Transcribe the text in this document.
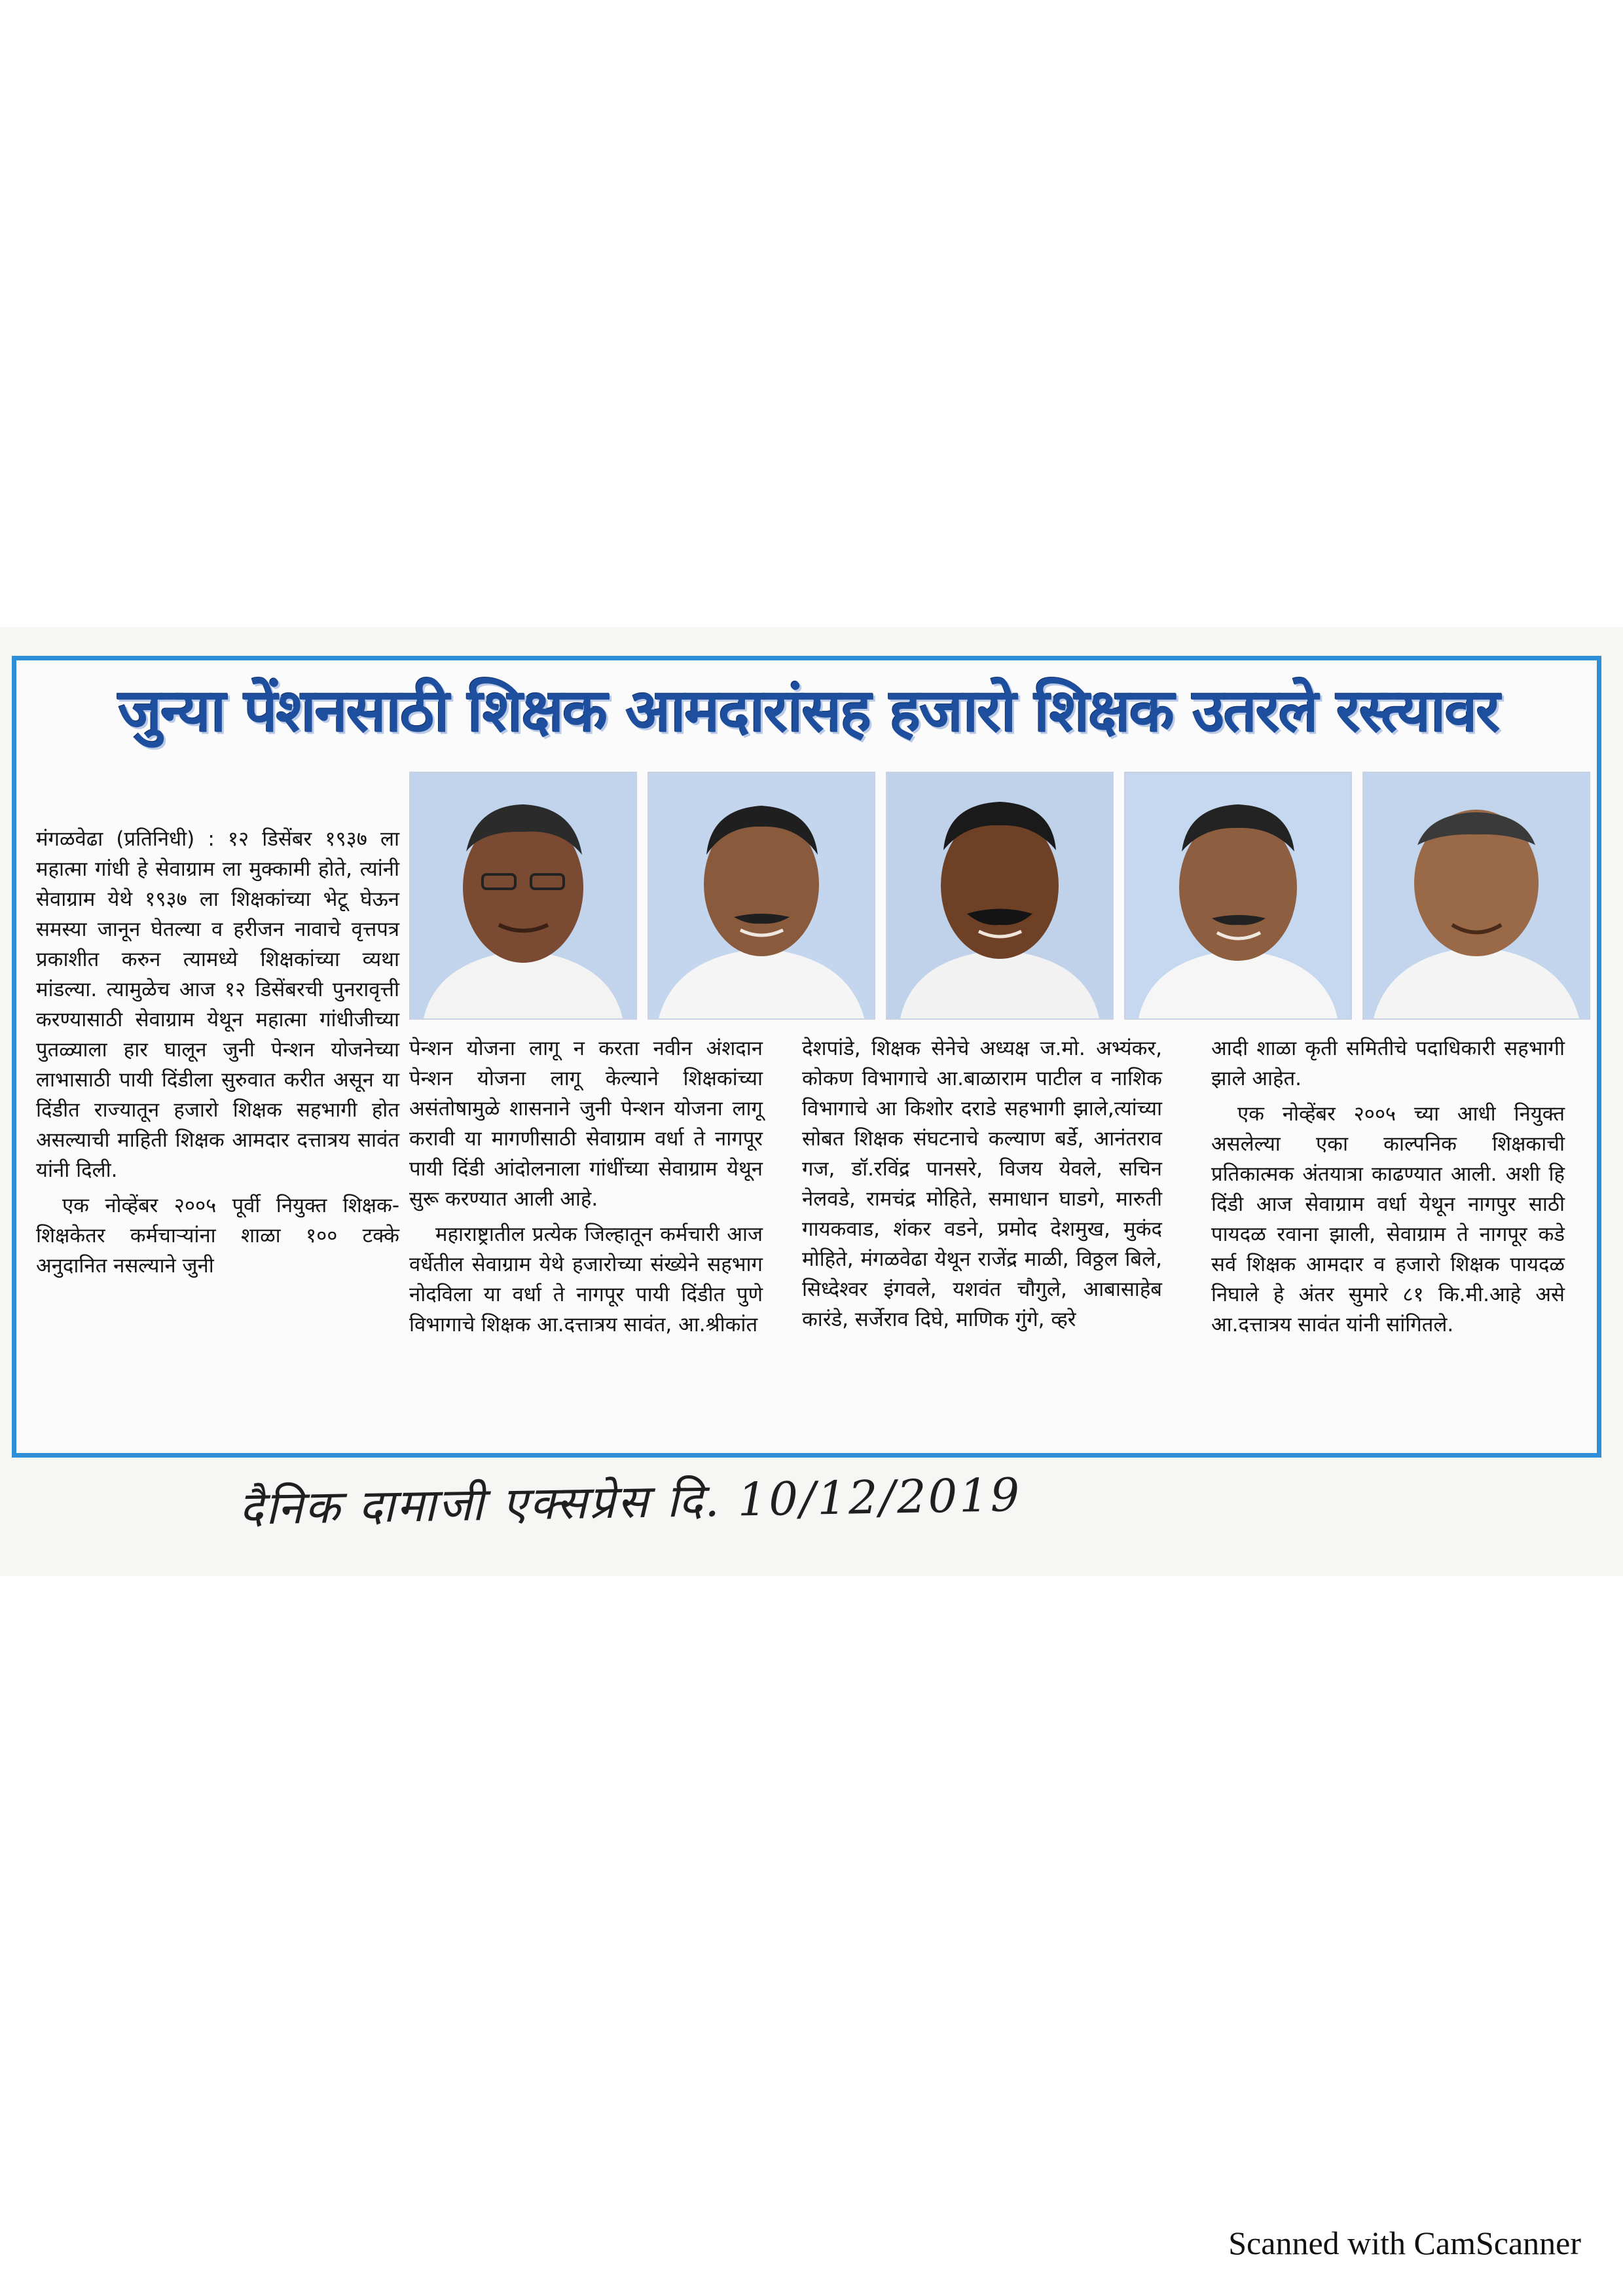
जुन्या पेंशनसाठी शिक्षक आमदारांसह हजारो शिक्षक उतरले रस्त्यावर

मंगळवेढा (प्रतिनिधी) : १२ डिसेंबर १९३७ ला महात्मा गांधी हे सेवाग्राम ला मुक्कामी होते, त्यांनी सेवाग्राम येथे १९३७ ला शिक्षकांच्या भेटू घेऊन समस्या जानून घेतल्या व हरीजन नावाचे वृत्तपत्र प्रकाशीत करुन त्यामध्ये शिक्षकांच्या व्यथा मांडल्या. त्यामुळेच आज १२ डिसेंबरची पुनरावृत्ती करण्यासाठी सेवाग्राम येथून महात्मा गांधीजीच्या पुतळ्याला हार घालून जुनी पेन्शन योजनेच्या लाभासाठी पायी दिंडीला सुरुवात करीत असून या दिंडीत राज्यातून हजारो शिक्षक सहभागी होत असल्याची माहिती शिक्षक आमदार दत्तात्रय सावंत यांनी दिली.

एक नोव्हेंबर २००५ पूर्वी नियुक्त शिक्षक-शिक्षकेतर कर्मचाऱ्यांना शाळा १०० टक्के अनुदानित नसल्याने जुनी

पेन्शन योजना लागू न करता नवीन अंशदान पेन्शन योजना लागू केल्याने शिक्षकांच्या असंतोषामुळे शासनाने जुनी पेन्शन योजना लागू करावी या मागणीसाठी सेवाग्राम वर्धा ते नागपूर पायी दिंडी आंदोलनाला गांधींच्या सेवाग्राम येथून सुरू करण्यात आली आहे.

महाराष्ट्रातील प्रत्येक जिल्हातून कर्मचारी आज वर्धेतील सेवाग्राम येथे हजारोच्या संख्येने सहभाग नोदविला या वर्धा ते नागपूर पायी दिंडीत पुणे विभागाचे शिक्षक आ.दत्तात्रय सावंत, आ.श्रीकांत

देशपांडे, शिक्षक सेनेचे अध्यक्ष ज.मो. अभ्यंकर, कोकण विभागाचे आ.बाळाराम पाटील व नाशिक विभागाचे आ किशोर दराडे सहभागी झाले,त्यांच्या सोबत शिक्षक संघटनाचे कल्याण बर्डे, आनंतराव गज, डॉ.रविंद्र पानसरे, विजय येवले, सचिन नेलवडे, रामचंद्र मोहिते, समाधान घाडगे, मारुती गायकवाड, शंकर वडने, प्रमोद देशमुख, मुकंद मोहिते, मंगळवेढा येथून राजेंद्र माळी, विठ्ठल बिले, सिध्देश्वर इंगवले, यशवंत चौगुले, आबासाहेब कारंडे, सर्जेराव दिघे, माणिक गुंगे, व्हरे

आदी शाळा कृती समितीचे पदाधिकारी सहभागी झाले आहेत.

एक नोव्हेंबर २००५ च्या आधी नियुक्त असलेल्या एका काल्पनिक शिक्षकाची प्रतिकात्मक अंतयात्रा काढण्यात आली. अशी हि दिंडी आज सेवाग्राम वर्धा येथून नागपुर साठी पायदळ रवाना झाली, सेवाग्राम ते नागपूर कडे सर्व शिक्षक आमदार व हजारो शिक्षक पायदळ निघाले हे अंतर सुमारे ८१ कि.मी.आहे असे आ.दत्तात्रय सावंत यांनी सांगितले.

दैनिक दामाजी एक्सप्रेस दि. 10/12/2019
Scanned with CamScanner
